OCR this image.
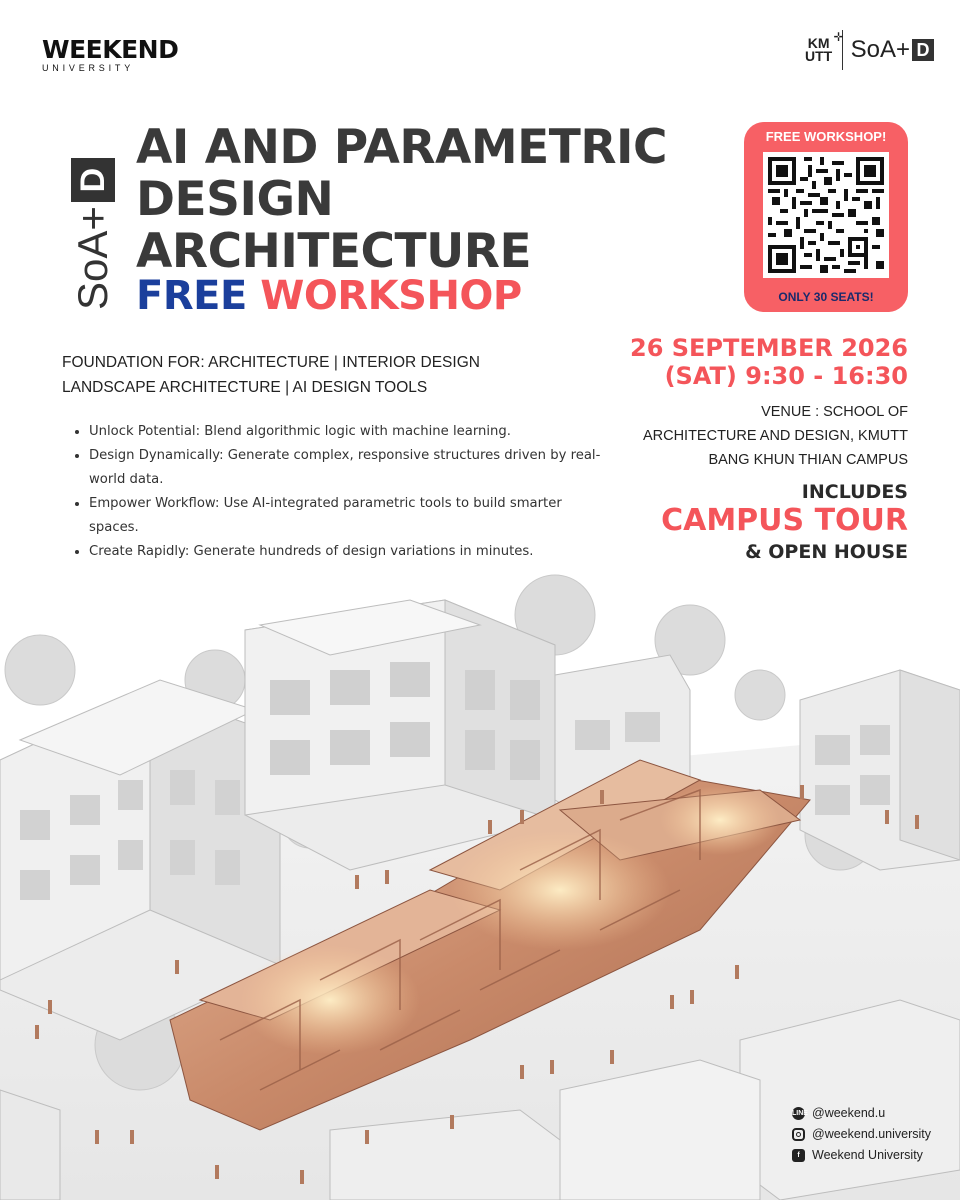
WEEKEND
UNIVERSITY
✛
KM
UTT SoA+ D
SoA+
D
AI AND PARAMETRIC
DESIGN
ARCHITECTURE
FREE WORKSHOP
FREE WORKSHOP!
ONLY 30 SEATS!
FOUNDATION FOR: ARCHITECTURE | INTERIOR DESIGN
LANDSCAPE ARCHITECTURE | AI DESIGN TOOLS
• Unlock Potential: Blend algorithmic logic with machine learning.
• Design Dynamically: Generate complex, responsive structures driven by real-world data.
• Empower Workflow: Use AI-integrated parametric tools to build smarter spaces.
• Create Rapidly: Generate hundreds of design variations in minutes.
26 SEPTEMBER 2026
(SAT) 9:30 - 16:30
VENUE : SCHOOL OF
ARCHITECTURE AND DESIGN, KMUTT
BANG KHUN THIAN CAMPUS
INCLUDES
CAMPUS TOUR
& OPEN HOUSE
LINE @weekend.u
@weekend.university
f Weekend University
